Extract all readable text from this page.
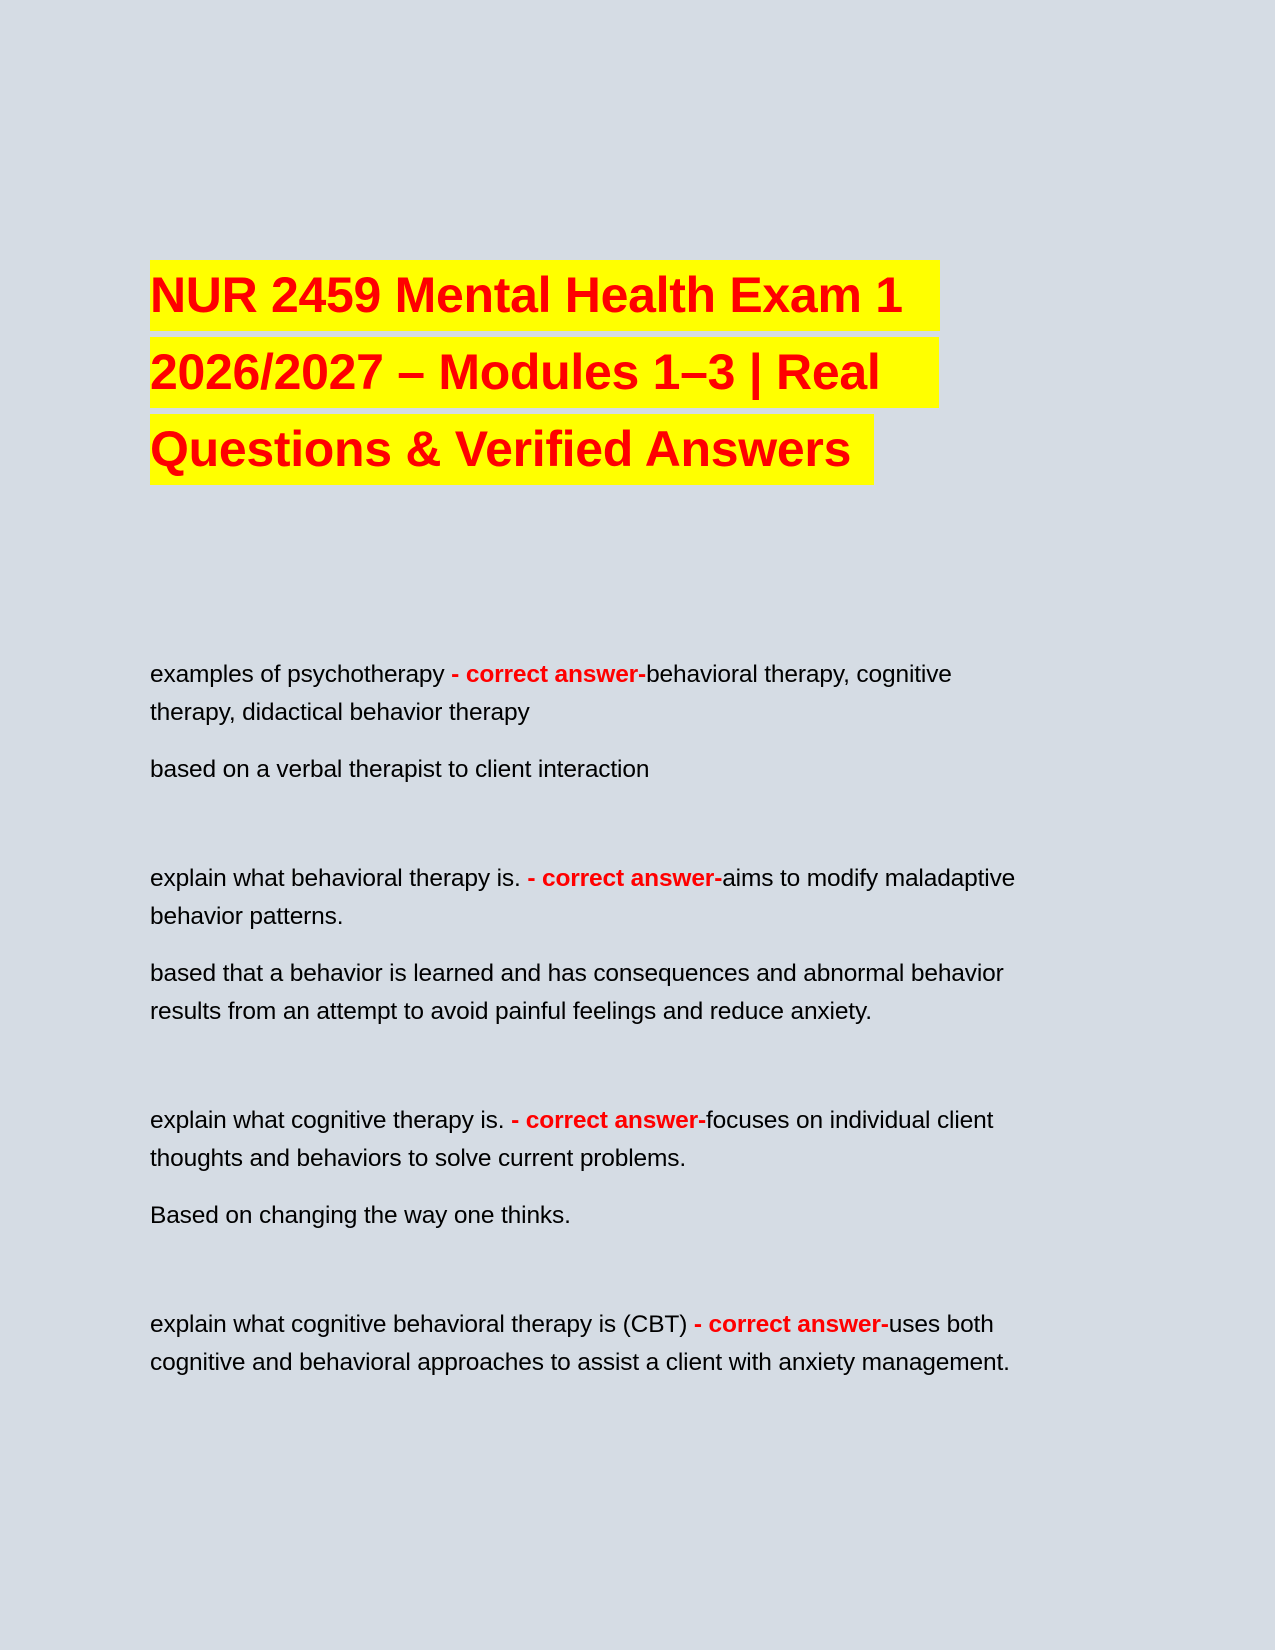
NUR 2459 Mental Health Exam 1
2026/2027 – Modules 1–3 | Real
Questions & Verified Answers
examples of psychotherapy - correct answer-behavioral therapy, cognitive
therapy, didactical behavior therapy
based on a verbal therapist to client interaction
explain what behavioral therapy is. - correct answer-aims to modify maladaptive
behavior patterns.
based that a behavior is learned and has consequences and abnormal behavior
results from an attempt to avoid painful feelings and reduce anxiety.
explain what cognitive therapy is. - correct answer-focuses on individual client
thoughts and behaviors to solve current problems.
Based on changing the way one thinks.
explain what cognitive behavioral therapy is (CBT) - correct answer-uses both
cognitive and behavioral approaches to assist a client with anxiety management.
